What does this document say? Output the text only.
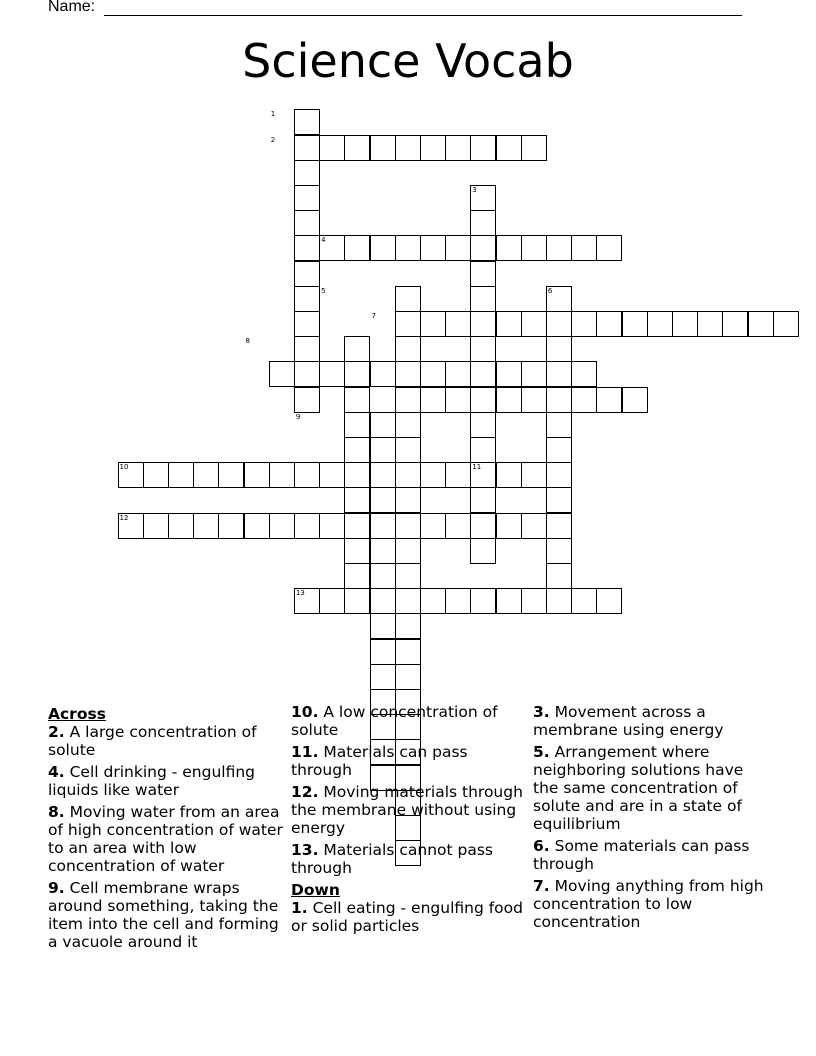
Name:
Science Vocab
1
2
3
4
5	6
7
8
9
10	11
12
13
Across
2. A large concentration of solute
4. Cell drinking - engulfing liquids like water
8. Moving water from an area of high concentration of water to an area with low concentration of water
9. Cell membrane wraps around something, taking the item into the cell and forming a vacuole around it
10. A low concentration of solute
11. Materials can pass through
12. Moving materials through the membrane without using energy
13. Materials cannot pass through
Down
1. Cell eating - engulfing food or solid particles
3. Movement across a membrane using energy
5. Arrangement where neighboring solutions have the same concentration of solute and are in a state of equilibrium
6. Some materials can pass through
7. Moving anything from high concentration to low concentration
